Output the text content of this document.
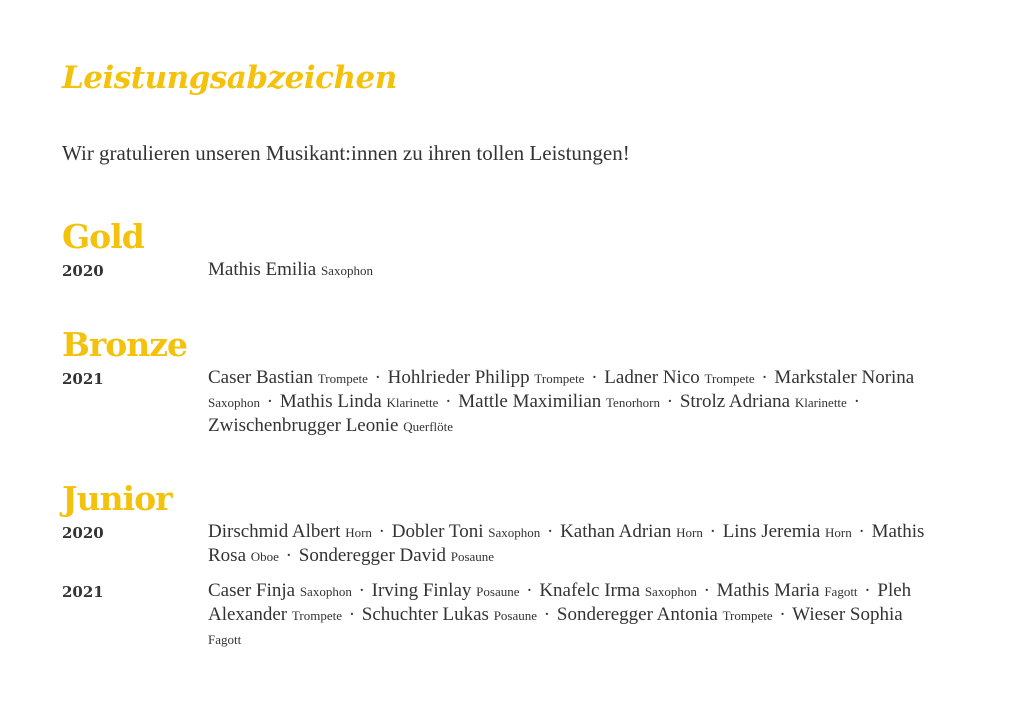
Leistungsabzeichen
Wir gratulieren unseren Musikant:innen zu ihren tollen Leistungen!
Gold
2020	Mathis Emilia Saxophon
Bronze
2021	Caser Bastian Trompete · Hohlrieder Philipp Trompete · Ladner Nico Trompete · Markstaler Norina Saxophon · Mathis Linda Klarinette · Mattle Maximilian Tenorhorn · Strolz Adriana Klarinette · Zwischenbrugger Leonie Querflöte
Junior
2020	Dirschmid Albert Horn · Dobler Toni Saxophon · Kathan Adrian Horn · Lins Jeremia Horn · Mathis Rosa Oboe · Sonderegger David Posaune
2021	Caser Finja Saxophon · Irving Finlay Posaune · Knafelc Irma Saxophon · Mathis Maria Fagott · Pleh Alexander Trompete · Schuchter Lukas Posaune · Sonderegger Antonia Trompete · Wieser Sophia Fagott
